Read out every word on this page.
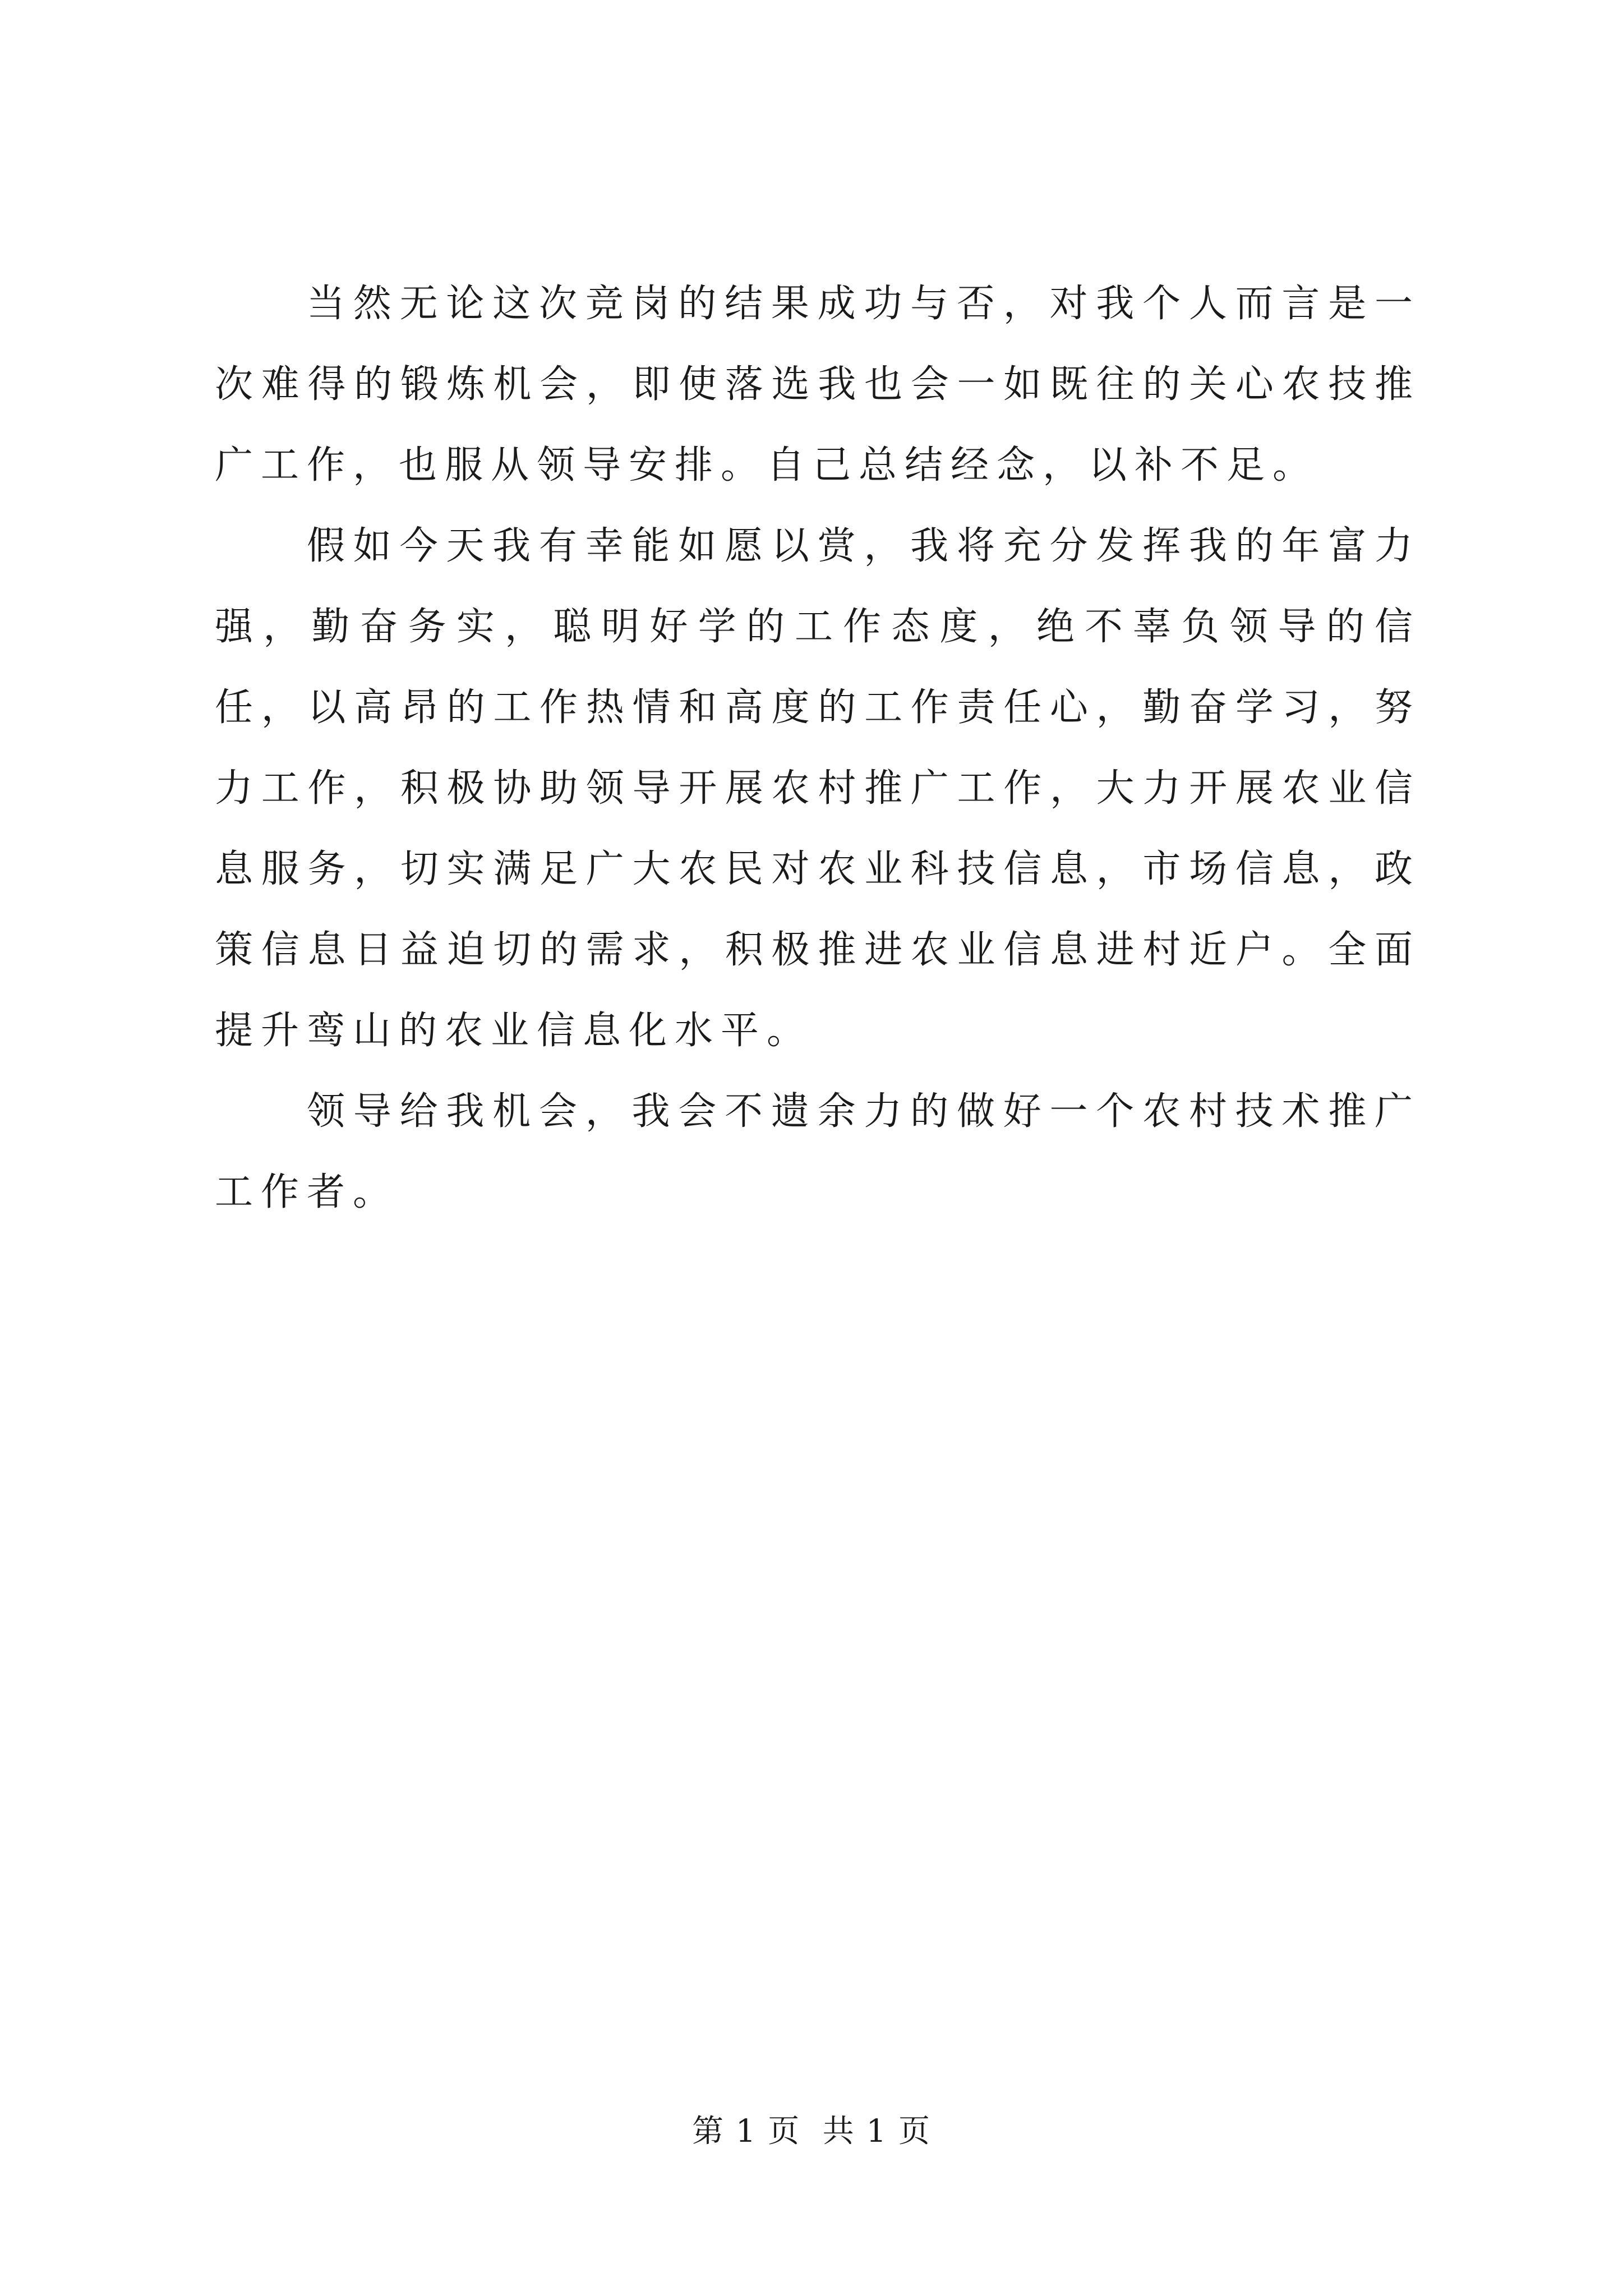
当然无论这次竞岗的结果成功与否，对我个人而言是一次难得的锻炼机会，即使落选我也会一如既往的关心农技推广工作，也服从领导安排。自己总结经念，以补不足。

假如今天我有幸能如愿以赏，我将充分发挥我的年富力强，勤奋务实，聪明好学的工作态度，绝不辜负领导的信任，以高昂的工作热情和高度的工作责任心，勤奋学习，努力工作，积极协助领导开展农村推广工作，大力开展农业信息服务，切实满足广大农民对农业科技信息，市场信息，政策信息日益迫切的需求，积极推进农业信息进村近户。全面提升鸾山的农业信息化水平。

领导给我机会，我会不遗余力的做好一个农村技术推广工作者。

第 1 页  共 1 页
